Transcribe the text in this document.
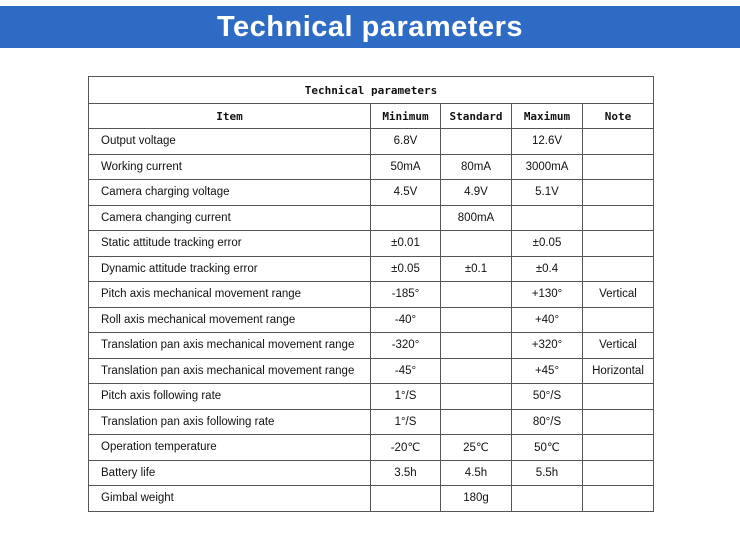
Technical parameters
Technical parameters				
Item	Minimum	Standard	Maximum	Note
Output voltage	6.8V		12.6V	
Working current	50mA	80mA	3000mA	
Camera charging voltage	4.5V	4.9V	5.1V	
Camera changing current		800mA		
Static attitude tracking error	±0.01		±0.05	
Dynamic attitude tracking error	±0.05	±0.1	±0.4	
Pitch axis mechanical movement range	-185°		+130°	Vertical
Roll axis mechanical movement range	-40°		+40°	
Translation pan axis mechanical movement range	-320°		+320°	Vertical
Translation pan axis mechanical movement range	-45°		+45°	Horizontal
Pitch axis following rate	1°/S		50°/S	
Translation pan axis following rate	1°/S		80°/S	
Operation temperature	-20℃	25℃	50℃	
Battery life	3.5h	4.5h	5.5h	
Gimbal weight		180g		
